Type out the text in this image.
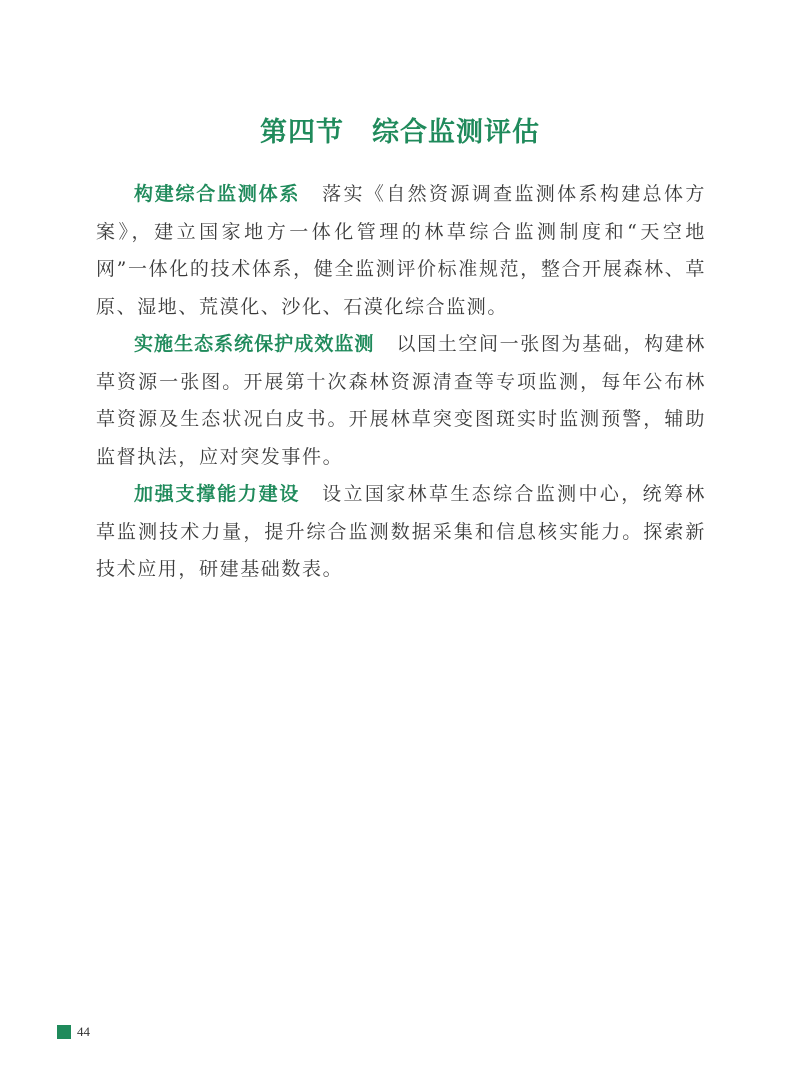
第四节 综合监测评估

构建综合监测体系 落实《自然资源调查监测体系构建总体方案》，建立国家地方一体化管理的林草综合监测制度和“天空地网”一体化的技术体系，健全监测评价标准规范，整合开展森林、草原、湿地、荒漠化、沙化、石漠化综合监测。

实施生态系统保护成效监测 以国土空间一张图为基础，构建林草资源一张图。开展第十次森林资源清查等专项监测，每年公布林草资源及生态状况白皮书。开展林草突变图斑实时监测预警，辅助监督执法，应对突发事件。

加强支撑能力建设 设立国家林草生态综合监测中心，统筹林草监测技术力量，提升综合监测数据采集和信息核实能力。探索新技术应用，研建基础数表。

44
